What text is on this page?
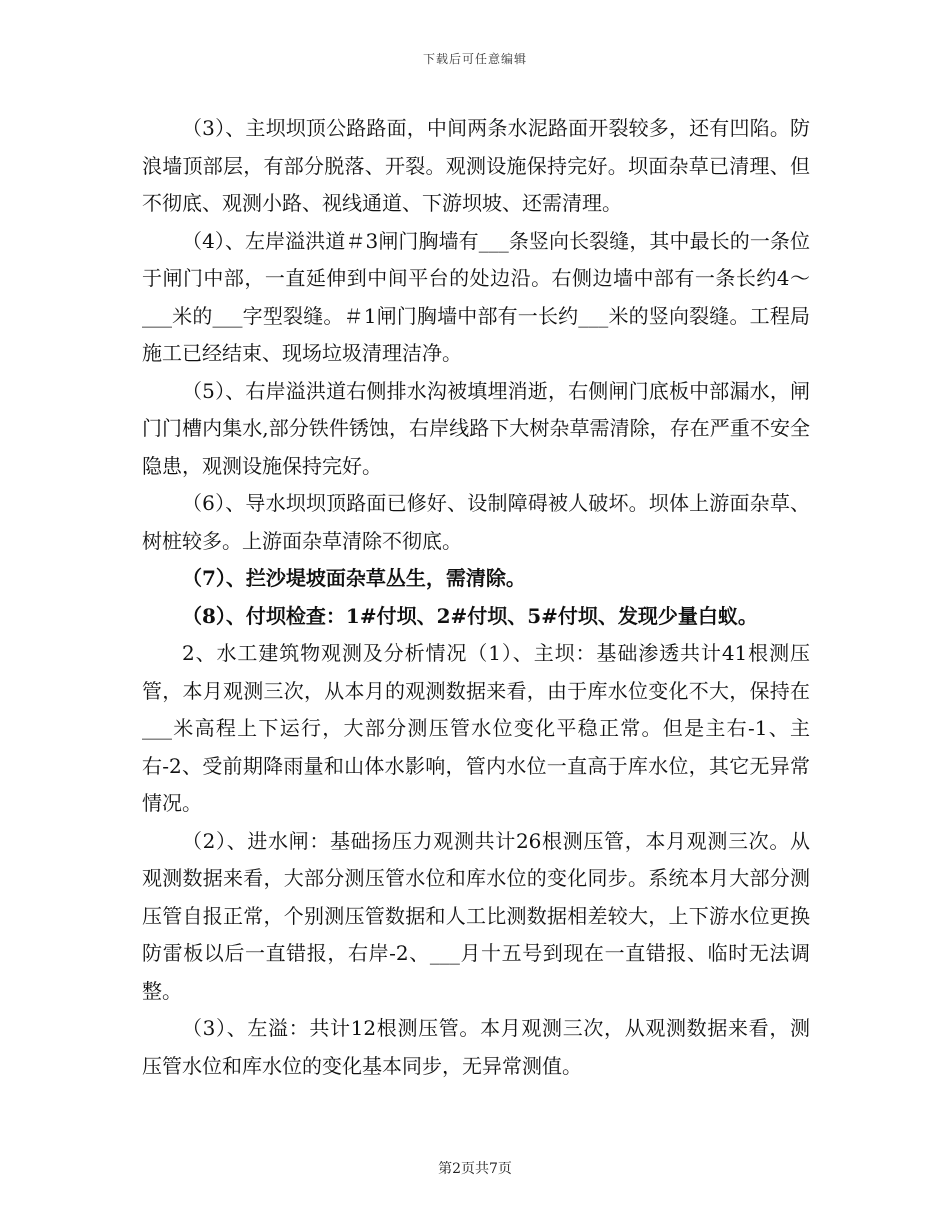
下载后可任意编辑

（3）、主坝坝顶公路路面，中间两条水泥路面开裂较多，还有凹陷。防浪墙顶部层，有部分脱落、开裂。观测设施保持完好。坝面杂草已清理、但不彻底、观测小路、视线通道、下游坝坡、还需清理。

（4）、左岸溢洪道＃3闸门胸墙有___条竖向长裂缝，其中最长的一条位于闸门中部，一直延伸到中间平台的处边沿。右侧边墙中部有一条长约4～___米的___字型裂缝。＃1闸门胸墙中部有一长约___米的竖向裂缝。工程局施工已经结束、现场垃圾清理洁净。

（5）、右岸溢洪道右侧排水沟被填埋消逝，右侧闸门底板中部漏水，闸门门槽内集水,部分铁件锈蚀，右岸线路下大树杂草需清除，存在严重不安全隐患，观测设施保持完好。

（6）、导水坝坝顶路面已修好、设制障碍被人破坏。坝体上游面杂草、树桩较多。上游面杂草清除不彻底。

（7）、拦沙堤坡面杂草丛生，需清除。

（8）、付坝检查：1#付坝、2#付坝、5#付坝、发现少量白蚁。

2、水工建筑物观测及分析情况（1）、主坝：基础渗透共计41根测压管，本月观测三次，从本月的观测数据来看，由于库水位变化不大，保持在___米高程上下运行，大部分测压管水位变化平稳正常。但是主右-1、主右-2、受前期降雨量和山体水影响，管内水位一直高于库水位，其它无异常情况。

（2）、进水闸：基础扬压力观测共计26根测压管，本月观测三次。从观测数据来看，大部分测压管水位和库水位的变化同步。系统本月大部分测压管自报正常，个别测压管数据和人工比测数据相差较大，上下游水位更换防雷板以后一直错报，右岸-2、___月十五号到现在一直错报、临时无法调整。

（3）、左溢：共计12根测压管。本月观测三次，从观测数据来看，测压管水位和库水位的变化基本同步，无异常测值。

第2页共7页
